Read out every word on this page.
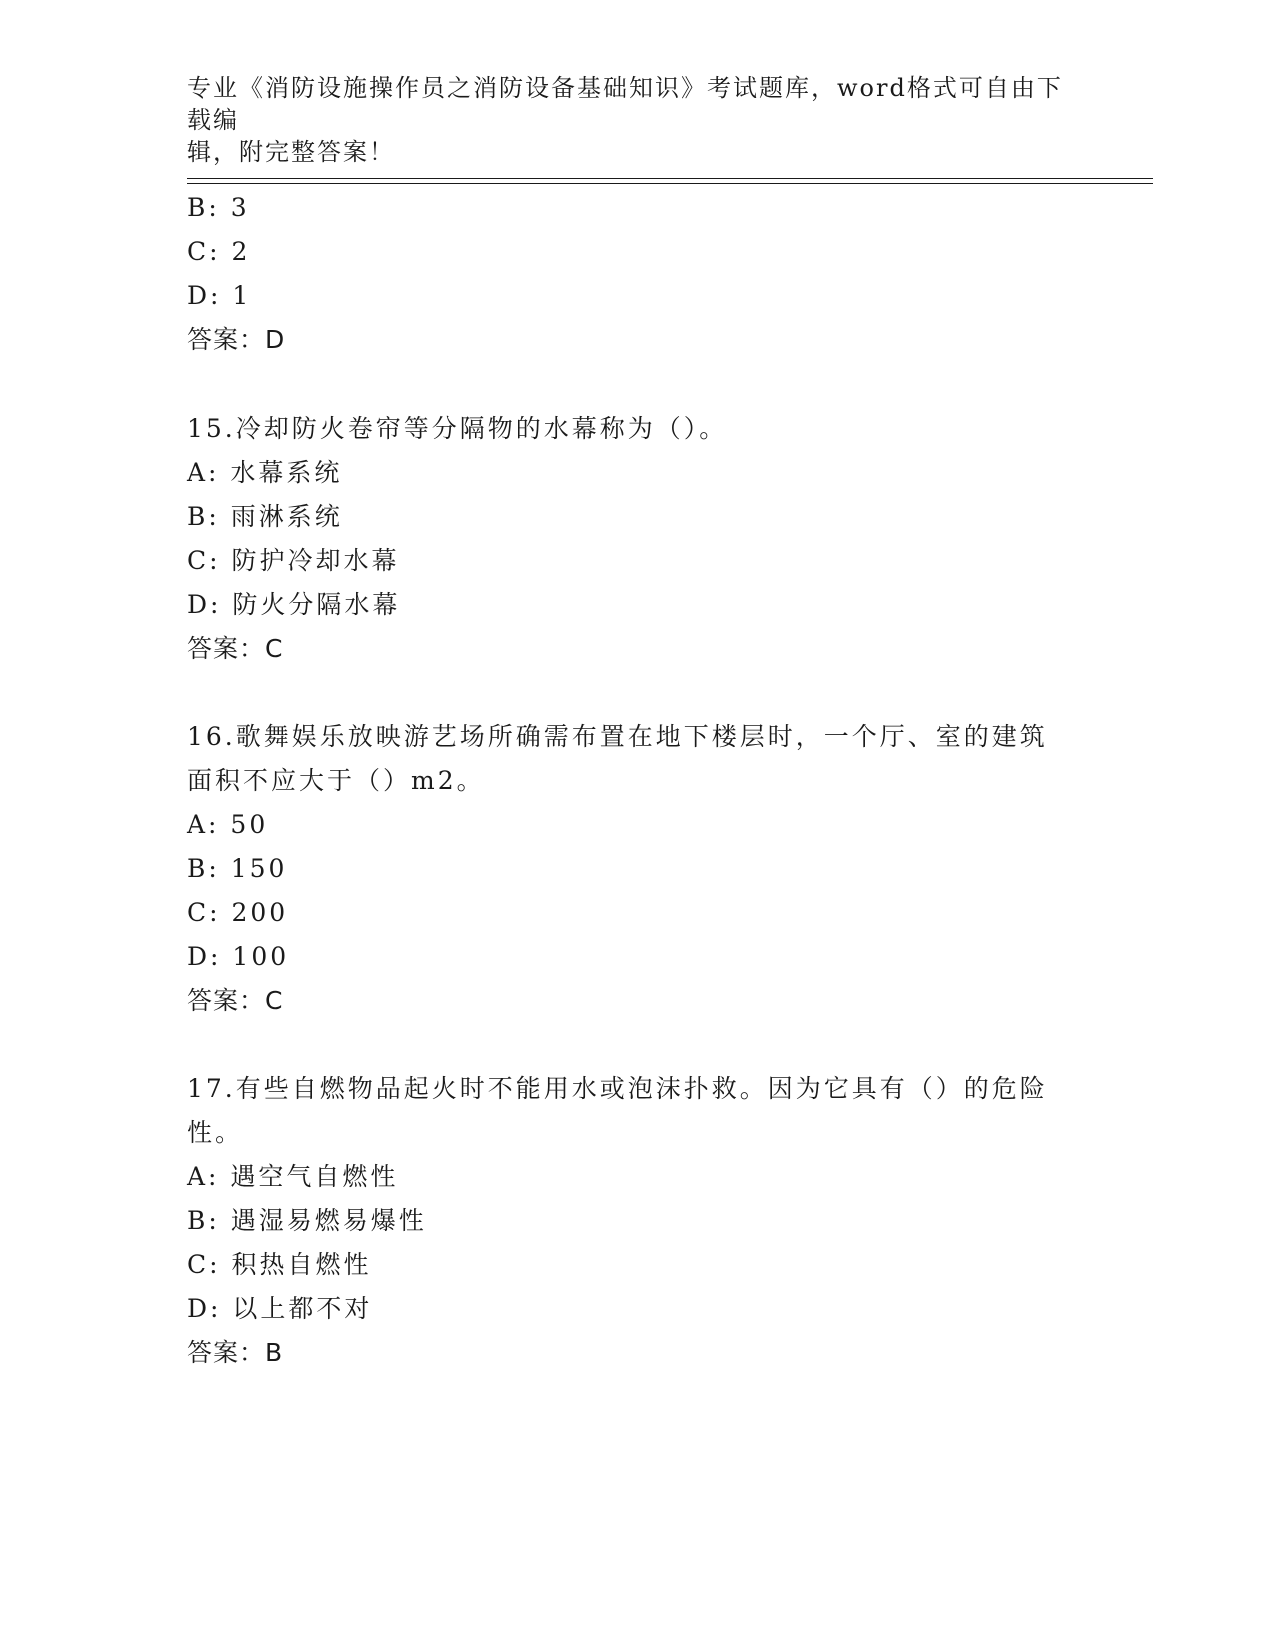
专业《消防设施操作员之消防设备基础知识》考试题库，word格式可自由下载编
辑，附完整答案！
B: 3
C: 2
D: 1
答案：D
15.冷却防火卷帘等分隔物的水幕称为（）。
A: 水幕系统
B: 雨淋系统
C: 防护冷却水幕
D: 防火分隔水幕
答案：C
16.歌舞娱乐放映游艺场所确需布置在地下楼层时，一个厅、室的建筑
面积不应大于（）m2。
A: 50
B: 150
C: 200
D: 100
答案：C
17.有些自燃物品起火时不能用水或泡沫扑救。因为它具有（）的危险
性。
A: 遇空气自燃性
B: 遇湿易燃易爆性
C: 积热自燃性
D: 以上都不对
答案：B
